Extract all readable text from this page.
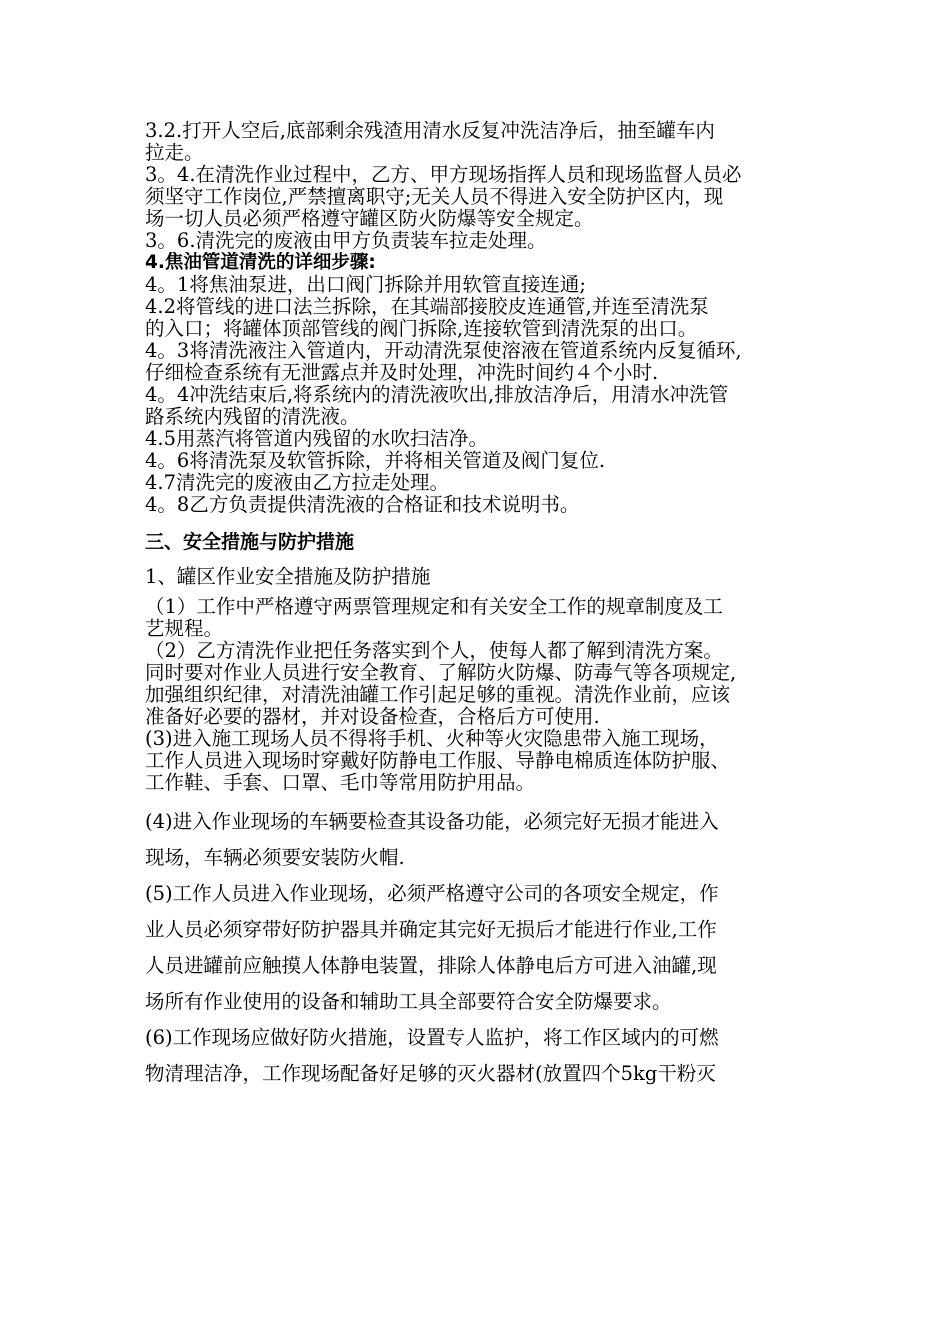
3.2.打开人空后,底部剩余残渣用清水反复冲洗洁净后，抽至罐车内
拉走。
3。4.在清洗作业过程中，乙方、甲方现场指挥人员和现场监督人员必
须坚守工作岗位,严禁擅离职守;无关人员不得进入安全防护区内，现
场一切人员必须严格遵守罐区防火防爆等安全规定。
3。6.清洗完的废液由甲方负责装车拉走处理。
4.焦油管道清洗的详细步骤:
4。1将焦油泵进，出口阀门拆除并用软管直接连通;
4.2将管线的进口法兰拆除，在其端部接胶皮连通管,并连至清洗泵
的入口；将罐体顶部管线的阀门拆除,连接软管到清洗泵的出口。
4。3将清洗液注入管道内，开动清洗泵使溶液在管道系统内反复循环,
仔细检查系统有无泄露点并及时处理，冲洗时间约４个小时.
4。4冲洗结束后,将系统内的清洗液吹出,排放洁净后，用清水冲洗管
路系统内残留的清洗液。
4.5用蒸汽将管道内残留的水吹扫洁净。
4。6将清洗泵及软管拆除，并将相关管道及阀门复位.
4.7清洗完的废液由乙方拉走处理。
4。8乙方负责提供清洗液的合格证和技术说明书。
三、安全措施与防护措施
1、罐区作业安全措施及防护措施
（1）工作中严格遵守两票管理规定和有关安全工作的规章制度及工
艺规程。
（2）乙方清洗作业把任务落实到个人，使每人都了解到清洗方案。
同时要对作业人员进行安全教育、了解防火防爆、防毒气等各项规定,
加强组织纪律，对清洗油罐工作引起足够的重视。清洗作业前，应该
准备好必要的器材，并对设备检查，合格后方可使用.
(3)进入施工现场人员不得将手机、火种等火灾隐患带入施工现场，
工作人员进入现场时穿戴好防静电工作服、导静电棉质连体防护服、
工作鞋、手套、口罩、毛巾等常用防护用品。
(4)进入作业现场的车辆要检查其设备功能，必须完好无损才能进入
现场，车辆必须要安装防火帽.
(5)工作人员进入作业现场，必须严格遵守公司的各项安全规定，作
业人员必须穿带好防护器具并确定其完好无损后才能进行作业,工作
人员进罐前应触摸人体静电装置，排除人体静电后方可进入油罐,现
场所有作业使用的设备和辅助工具全部要符合安全防爆要求。
(6)工作现场应做好防火措施，设置专人监护，将工作区域内的可燃
物清理洁净，工作现场配备好足够的灭火器材(放置四个5kg干粉灭
